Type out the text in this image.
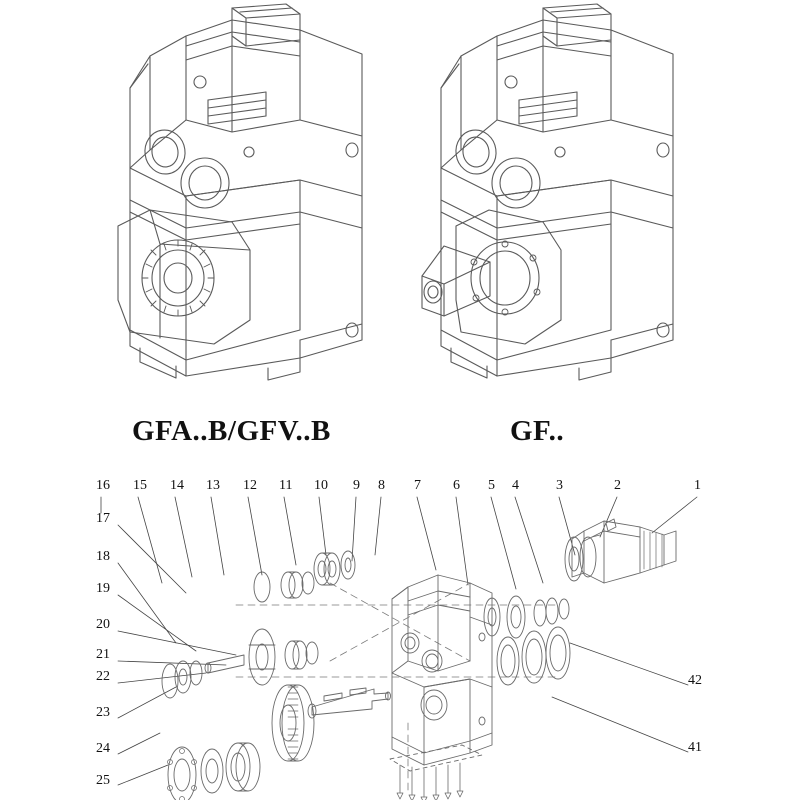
GFA..B/GFV..B	GF..
16 15 14 13 12 11 10 9 8 7 6 5 4	3	2	1
17
18
19
20
21
22
23
24
25
42
41
